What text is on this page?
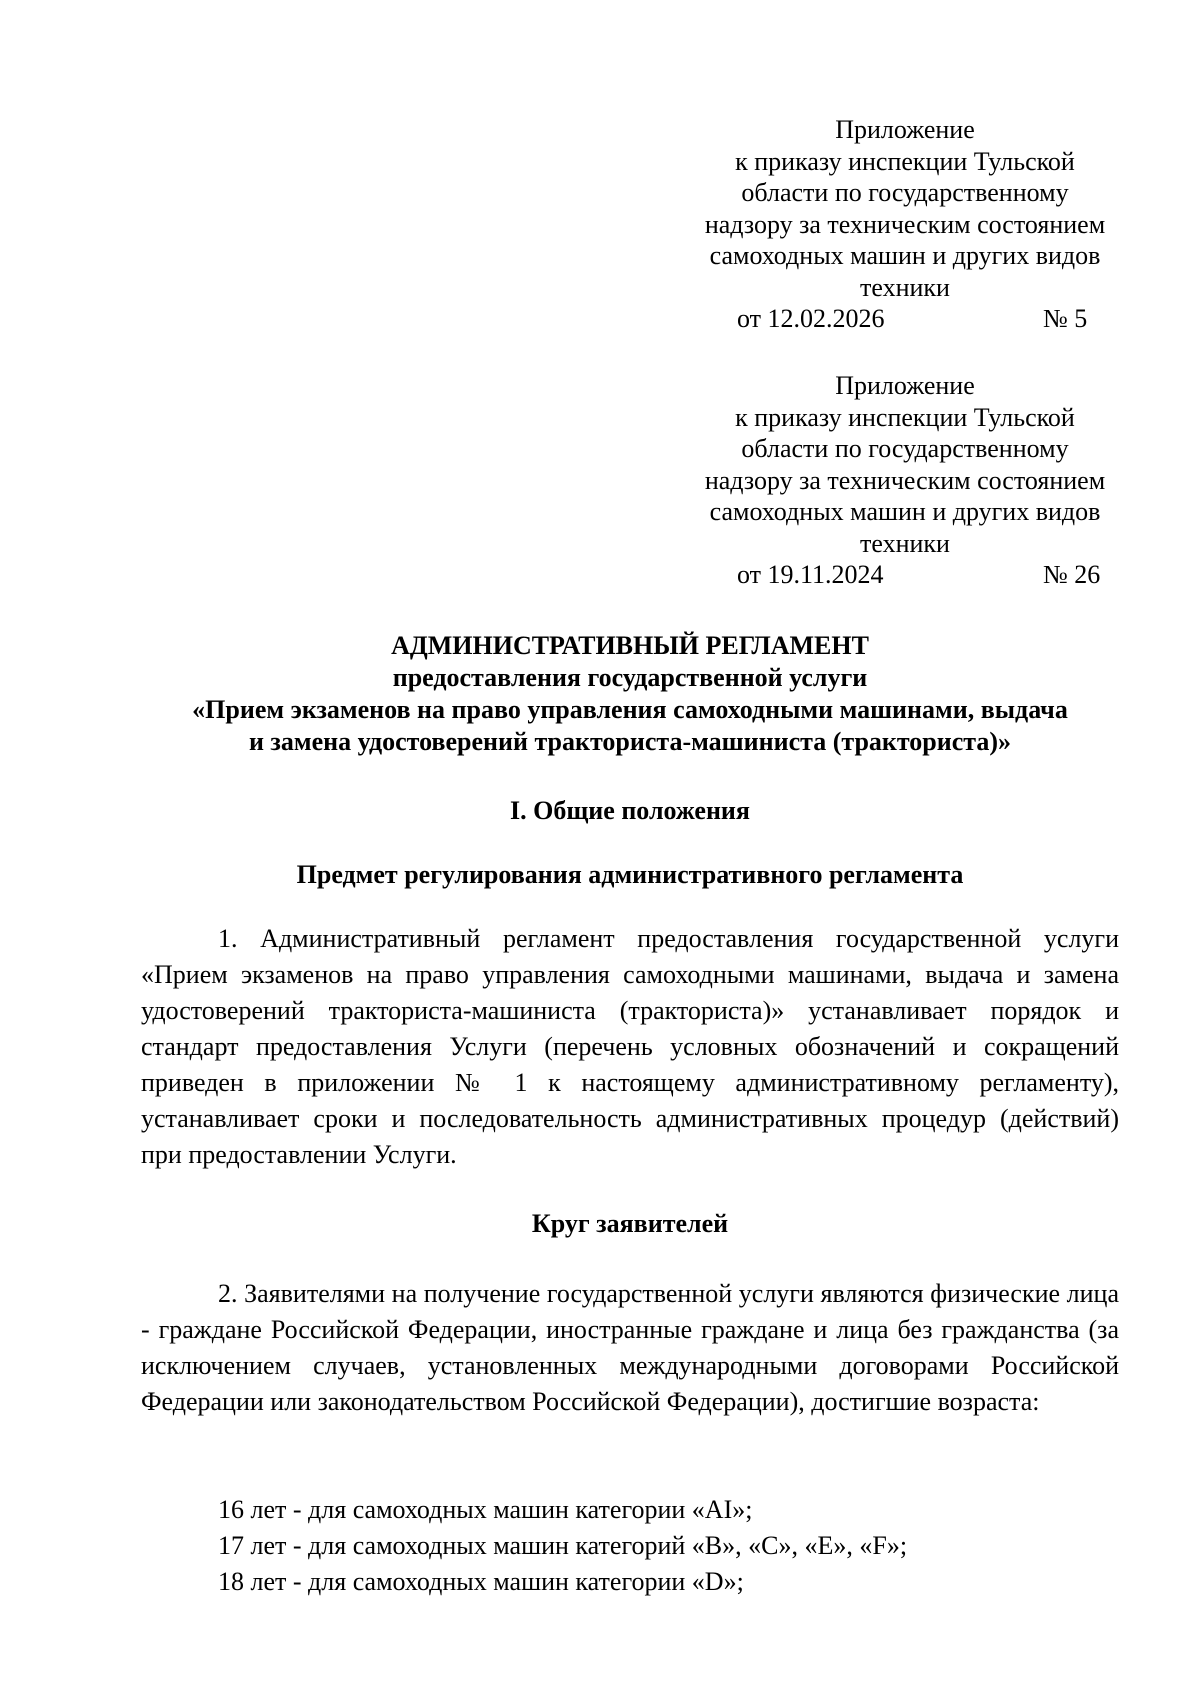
Приложение
к приказу инспекции Тульской
области по государственному
надзору за техническим состоянием
самоходных машин и других видов
техники
от 12.02.2026	№ 5
Приложение
к приказу инспекции Тульской
области по государственному
надзору за техническим состоянием
самоходных машин и других видов
техники
от 19.11.2024	№ 26
АДМИНИСТРАТИВНЫЙ РЕГЛАМЕНТ
предоставления государственной услуги
«Прием экзаменов на право управления самоходными машинами, выдача
и замена удостоверений тракториста-машиниста (тракториста)»
I. Общие положения
Предмет регулирования административного регламента

1. Административный регламент предоставления государственной услуги «Прием экзаменов на право управления самоходными машинами, выдача и замена удостоверений тракториста-машиниста (тракториста)» устанавливает порядок и стандарт предоставления Услуги (перечень условных обозначений и сокращений приведен в приложении № 1 к настоящему административному регламенту), устанавливает сроки и последовательность административных процедур (действий) при предоставлении Услуги.

Круг заявителей

2. Заявителями на получение государственной услуги являются физические лица - граждане Российской Федерации, иностранные граждане и лица без гражданства (за исключением случаев, установленных международными договорами Российской Федерации или законодательством Российской Федерации), достигшие возраста:

16 лет - для самоходных машин категории «AI»;
17 лет - для самоходных машин категорий «B», «C», «E», «F»;
18 лет - для самоходных машин категории «D»;
